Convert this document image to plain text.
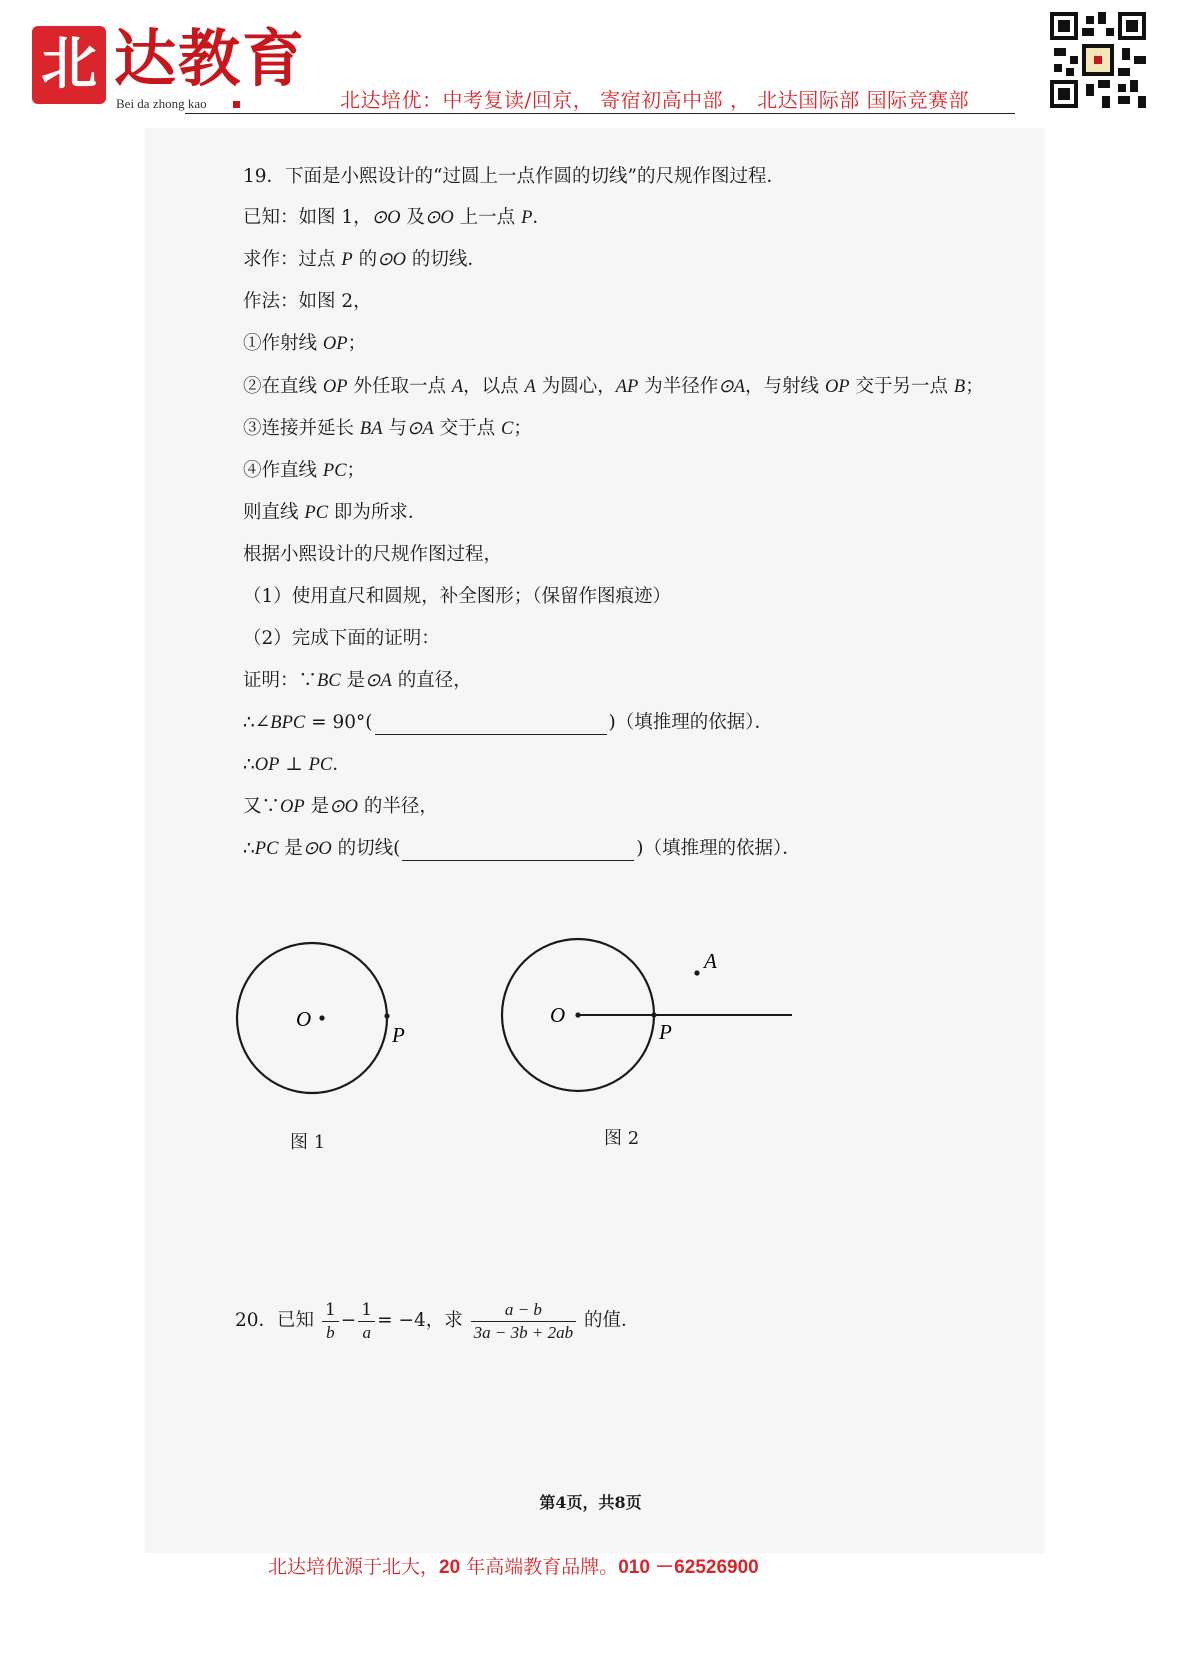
北 达教育
Bei da zhong kao	北达培优：中考复读/回京， 寄宿初高中部 ， 北达国际部 国际竞赛部
19．下面是小熙设计的“过圆上一点作圆的切线”的尺规作图过程．
已知：如图 1，⊙O 及⊙O 上一点 P．
求作：过点 P 的⊙O 的切线．
作法：如图 2，
①作射线 OP；
②在直线 OP 外任取一点 A，以点 A 为圆心，AP 为半径作⊙A，与射线 OP 交于另一点 B；
③连接并延长 BA 与⊙A 交于点 C；
④作直线 PC；
则直线 PC 即为所求．
根据小熙设计的尺规作图过程，
（1）使用直尺和圆规，补全图形；（保留作图痕迹）
（2）完成下面的证明：
证明：∵BC 是⊙A 的直径，
∴∠BPC = 90°(	)（填推理的依据）．
∴OP ⊥ PC．
又∵OP 是⊙O 的半径，
∴PC 是⊙O 的切线(	)（填推理的依据）．
O
P
O
P
A
图 1	图 2
20．已知 $\frac{1}{b} - \frac{1}{a} = -4$，求 $\frac{a - b}{3a - 3b + 2ab}$ 的值．
第4页，共8页
北达培优源于北大，20 年高端教育品牌。010 －62526900
